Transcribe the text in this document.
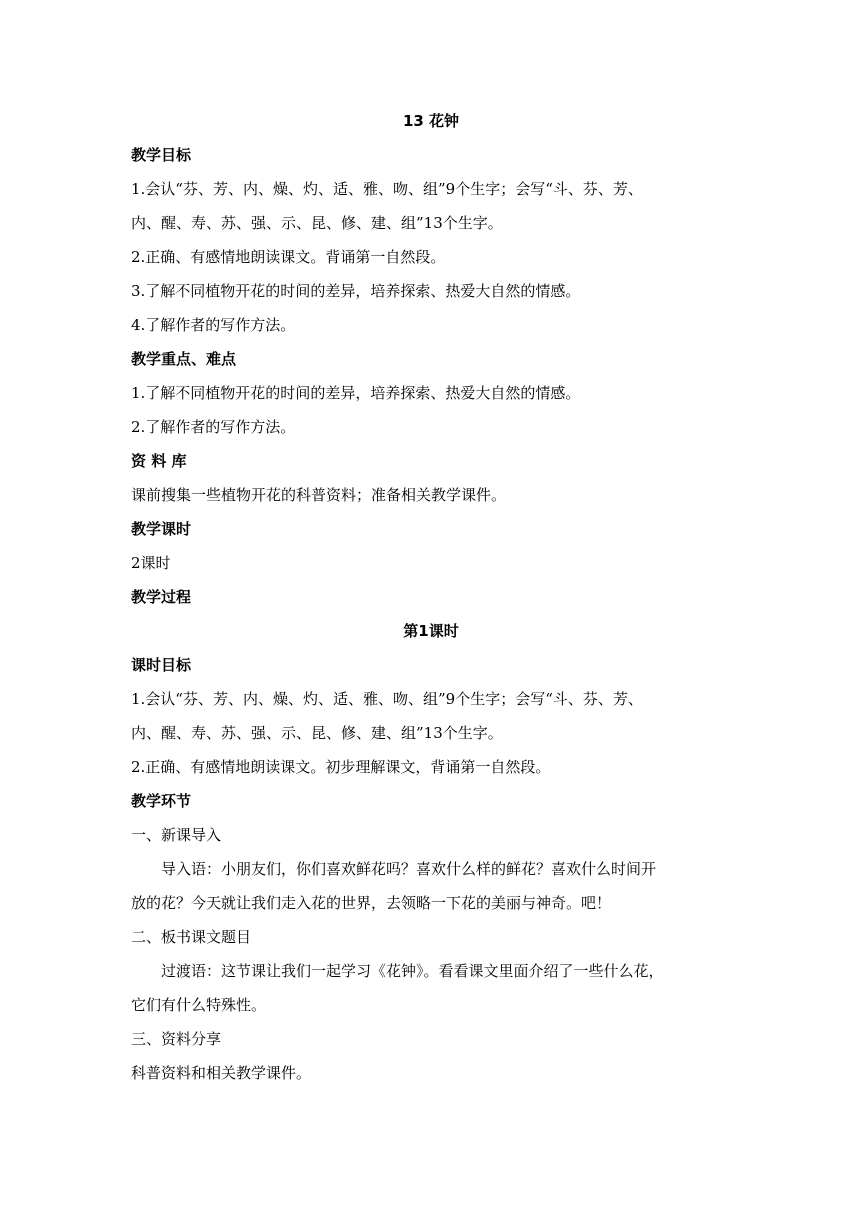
13 花钟
教学目标
1.会认“芬、芳、内、燥、灼、适、雅、吻、组”9个生字；会写“斗、芬、芳、
内、醒、寿、苏、强、示、昆、修、建、组”13个生字。
2.正确、有感情地朗读课文。背诵第一自然段。
3.了解不同植物开花的时间的差异，培养探索、热爱大自然的情感。
4.了解作者的写作方法。
教学重点、难点
1.了解不同植物开花的时间的差异，培养探索、热爱大自然的情感。
2.了解作者的写作方法。
资 料 库
课前搜集一些植物开花的科普资料；准备相关教学课件。
教学课时
2课时
教学过程
第1课时
课时目标
1.会认“芬、芳、内、燥、灼、适、雅、吻、组”9个生字；会写“斗、芬、芳、
内、醒、寿、苏、强、示、昆、修、建、组”13个生字。
2.正确、有感情地朗读课文。初步理解课文，背诵第一自然段。
教学环节
一、新课导入
导入语：小朋友们，你们喜欢鲜花吗？喜欢什么样的鲜花？喜欢什么时间开
放的花？今天就让我们走入花的世界，去领略一下花的美丽与神奇。吧！
二、板书课文题目
过渡语：这节课让我们一起学习《花钟》。看看课文里面介绍了一些什么花，
它们有什么特殊性。
三、资料分享
科普资料和相关教学课件。
